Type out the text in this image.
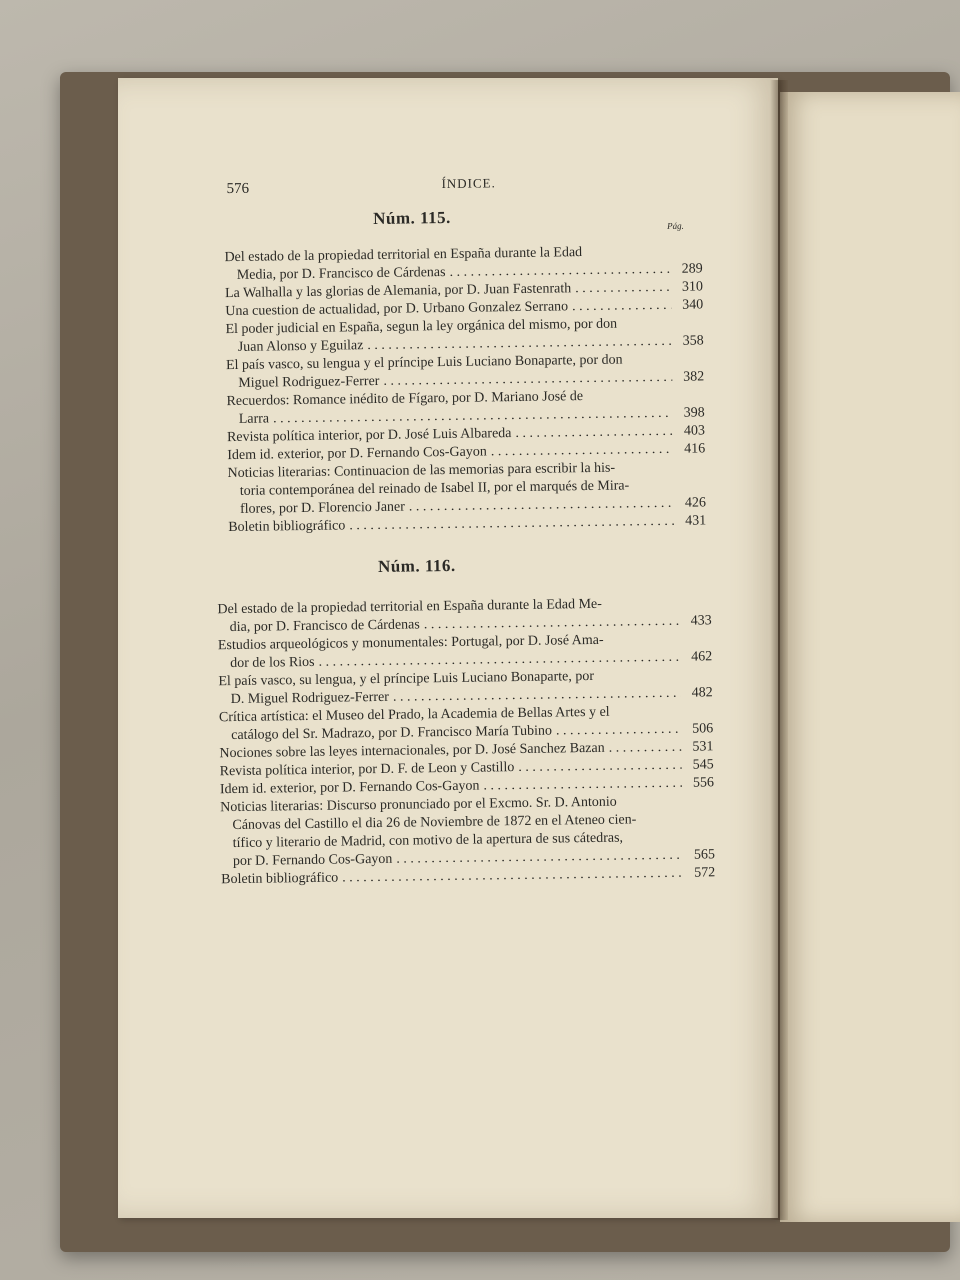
576	ÍNDICE.
Pág.
Núm. 115.
Del estado de la propiedad territorial en España durante la Edad
Media, por D. Francisco de Cárdenas . . .	289
La Walhalla y las glorias de Alemania, por D. Juan Fastenrath . . .	310
Una cuestion de actualidad, por D. Urbano Gonzalez Serrano . . .	340
El poder judicial en España, segun la ley orgánica del mismo, por don
Juan Alonso y Eguilaz . . .	358
El país vasco, su lengua y el príncipe Luis Luciano Bonaparte, por don
Miguel Rodriguez-Ferrer . . .	382
Recuerdos: Romance inédito de Fígaro, por D. Mariano José de
Larra . . .	398
Revista política interior, por D. José Luis Albareda . . .	403
Idem id. exterior, por D. Fernando Cos-Gayon . . .	416
Noticias literarias: Continuacion de las memorias para escribir la his-
toria contemporánea del reinado de Isabel II, por el marqués de Mira-
flores, por D. Florencio Janer . . .	426
Boletin bibliográfico . . .	431
Núm. 116.
Del estado de la propiedad territorial en España durante la Edad Me-
dia, por D. Francisco de Cárdenas . . .	433
Estudios arqueológicos y monumentales: Portugal, por D. José Ama-
dor de los Rios . . .	462
El país vasco, su lengua, y el príncipe Luis Luciano Bonaparte, por
D. Miguel Rodriguez-Ferrer . . .	482
Crítica artística: el Museo del Prado, la Academia de Bellas Artes y el
catálogo del Sr. Madrazo, por D. Francisco María Tubino . . .	506
Nociones sobre las leyes internacionales, por D. José Sanchez Bazan . . .	531
Revista política interior, por D. F. de Leon y Castillo . . .	545
Idem id. exterior, por D. Fernando Cos-Gayon . . .	556
Noticias literarias: Discurso pronunciado por el Excmo. Sr. D. Antonio
Cánovas del Castillo el dia 26 de Noviembre de 1872 en el Ateneo cien-
tífico y literario de Madrid, con motivo de la apertura de sus cátedras,
por D. Fernando Cos-Gayon . . .	565
Boletin bibliográfico . . .	572
